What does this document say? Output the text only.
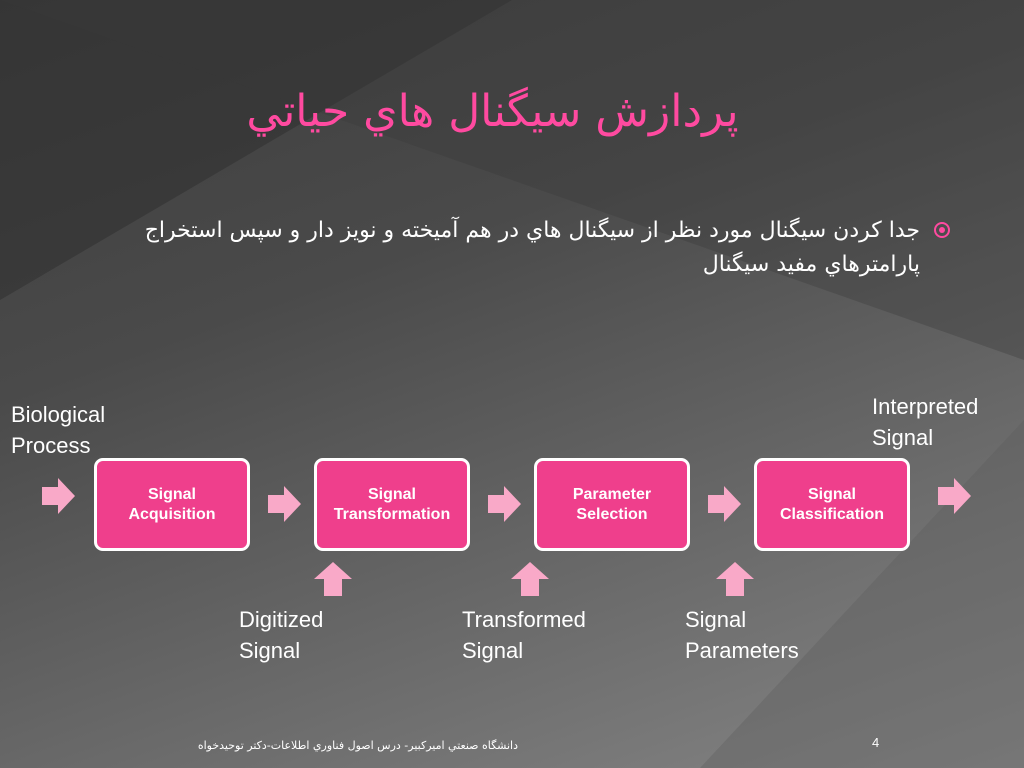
پردازش سيگنال هاي حياتي
جدا كردن سيگنال مورد نظر از سيگنال هاي در هم آميخته و نويز دار و سپس استخراج پارامترهاي مفيد سيگنال
Biological
Process
Interpreted
Signal
Signal Acquisition
Signal Transformation
Parameter Selection
Signal Classification
Digitized
Signal
Transformed
Signal
Signal
Parameters
دانشگاه صنعتي اميركبير- درس اصول فناوري اطلاعات-دكتر توحيدخواه	4
